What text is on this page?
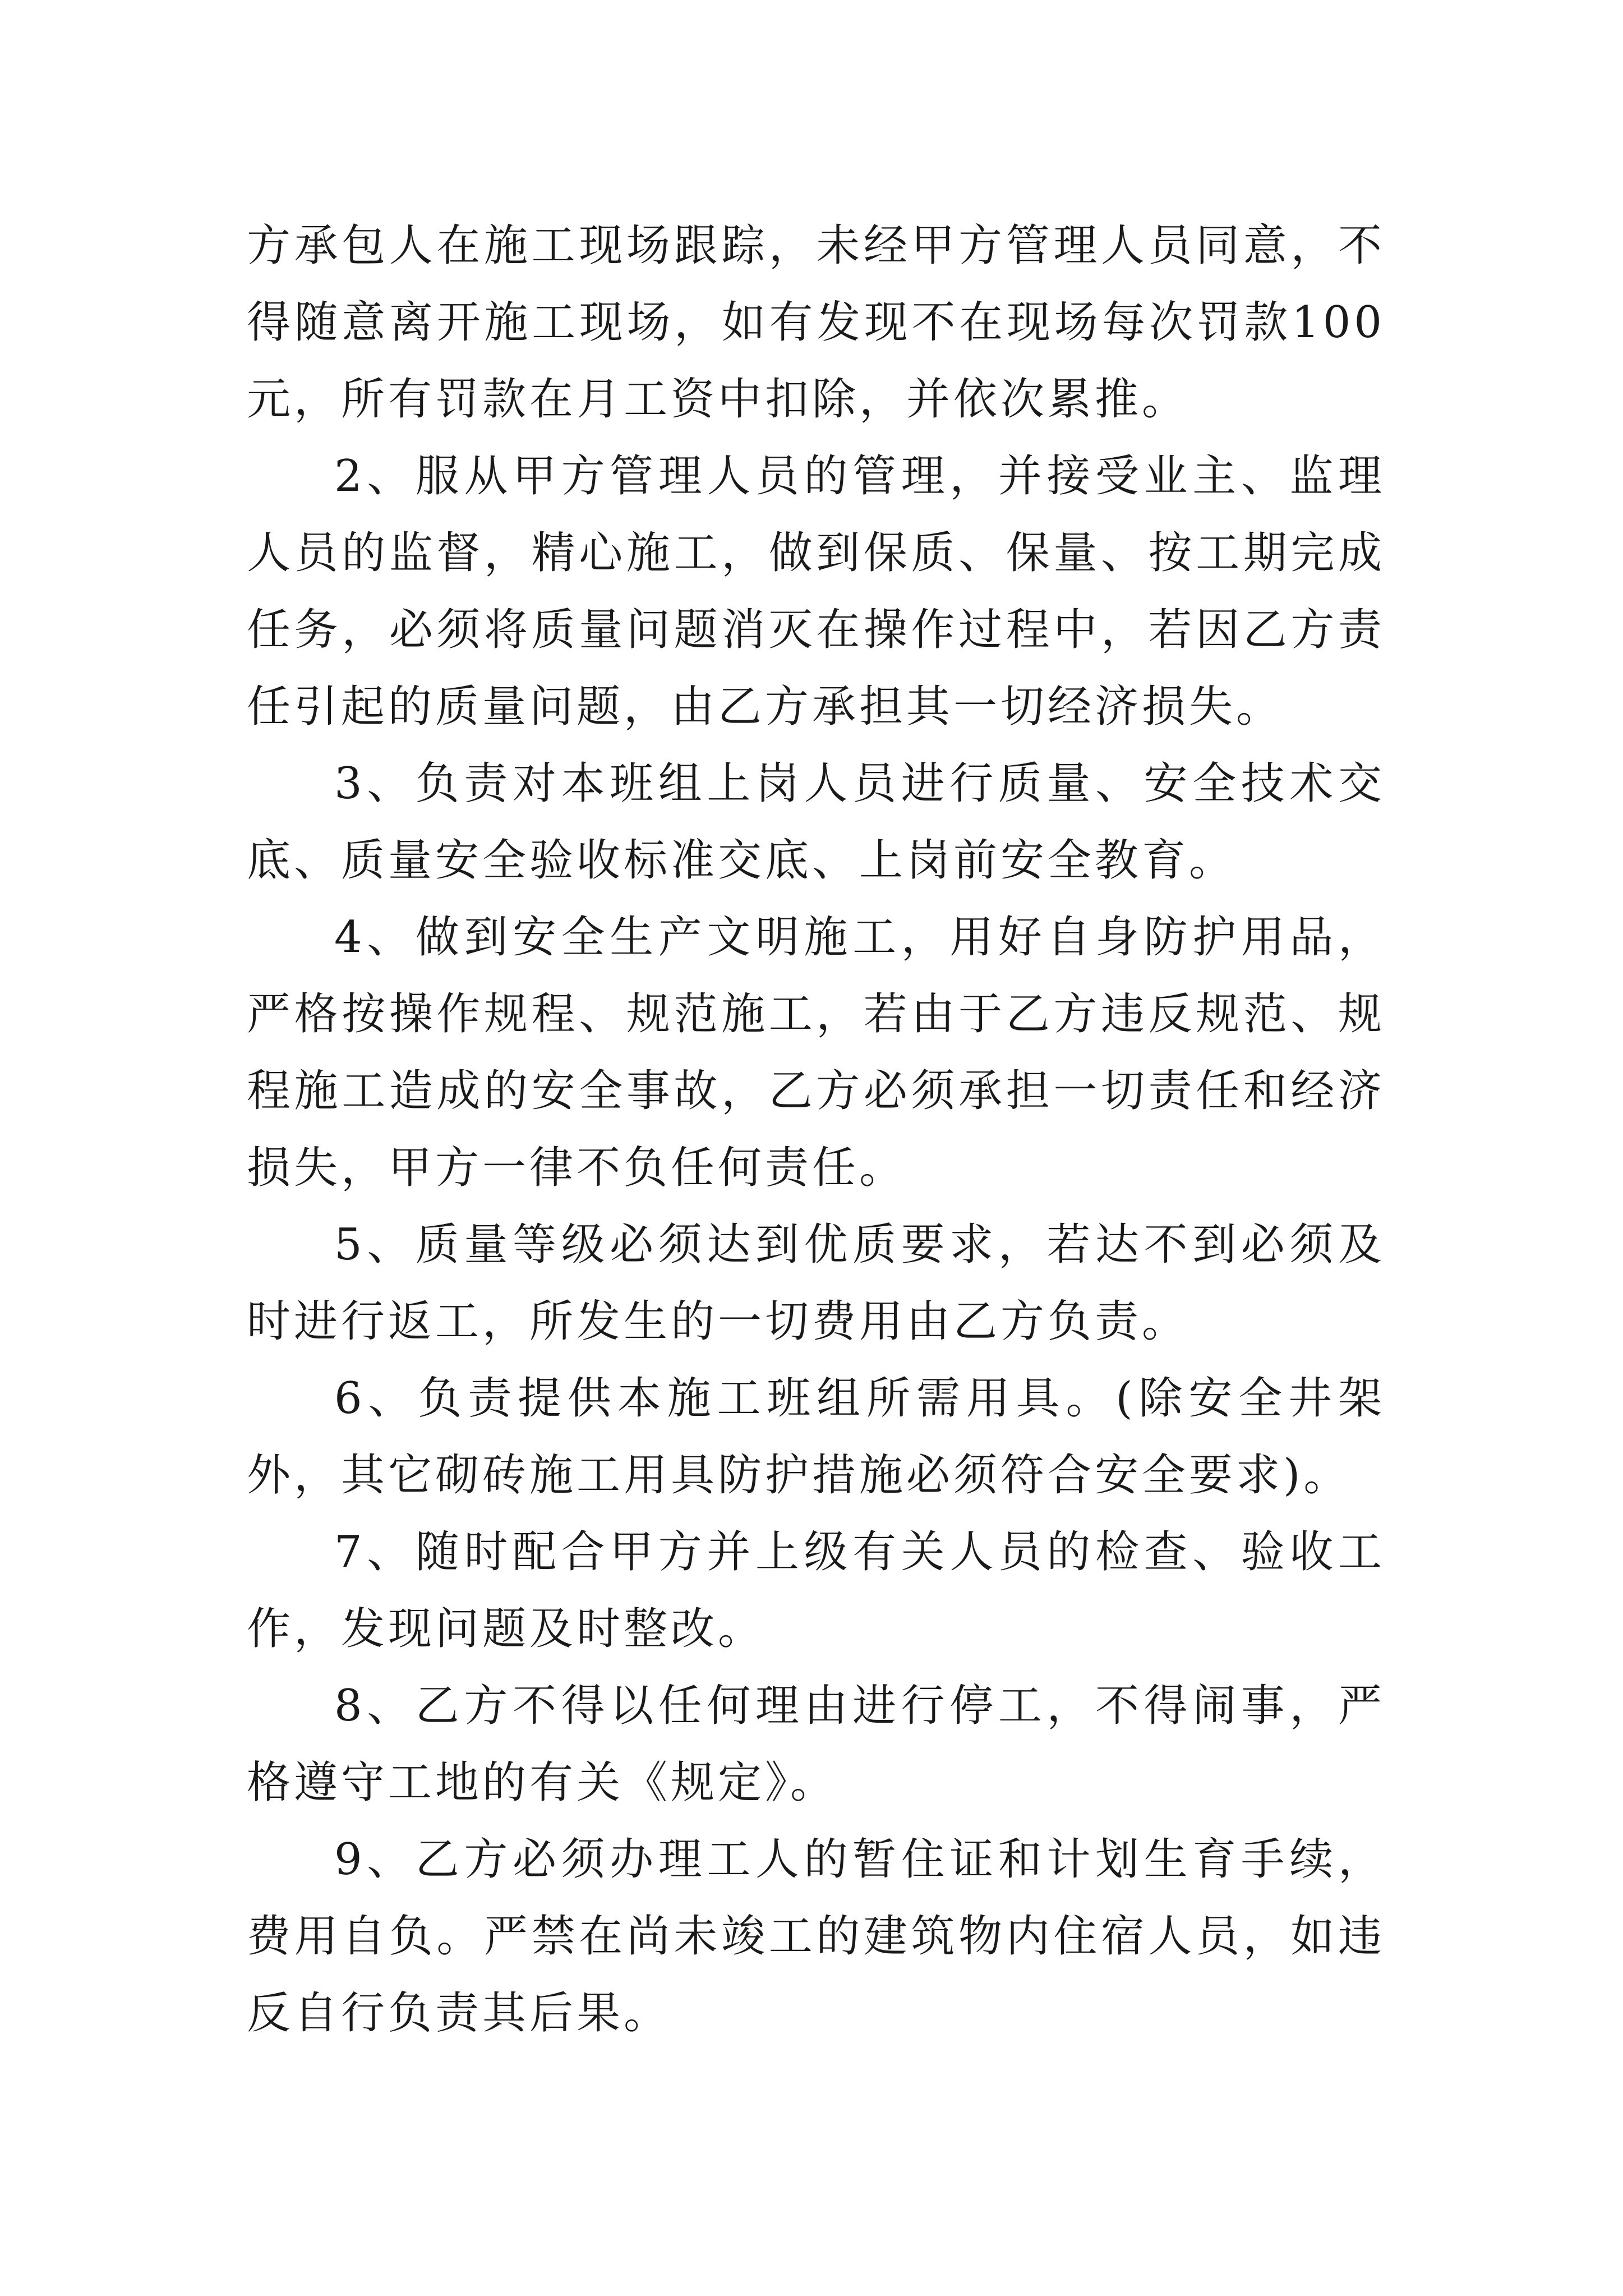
方承包人在施工现场跟踪，未经甲方管理人员同意，不得随意离开施工现场，如有发现不在现场每次罚款100元，所有罚款在月工资中扣除，并依次累推。

2、服从甲方管理人员的管理，并接受业主、监理人员的监督，精心施工，做到保质、保量、按工期完成任务，必须将质量问题消灭在操作过程中，若因乙方责任引起的质量问题，由乙方承担其一切经济损失。

3、负责对本班组上岗人员进行质量、安全技术交底、质量安全验收标准交底、上岗前安全教育。

4、做到安全生产文明施工，用好自身防护用品，严格按操作规程、规范施工，若由于乙方违反规范、规程施工造成的安全事故，乙方必须承担一切责任和经济损失，甲方一律不负任何责任。

5、质量等级必须达到优质要求，若达不到必须及时进行返工，所发生的一切费用由乙方负责。

6、负责提供本施工班组所需用具。(除安全井架外，其它砌砖施工用具防护措施必须符合安全要求)。

7、随时配合甲方并上级有关人员的检查、验收工作，发现问题及时整改。

8、乙方不得以任何理由进行停工，不得闹事，严格遵守工地的有关《规定》。

9、乙方必须办理工人的暂住证和计划生育手续，费用自负。严禁在尚未竣工的建筑物内住宿人员，如违反自行负责其后果。
